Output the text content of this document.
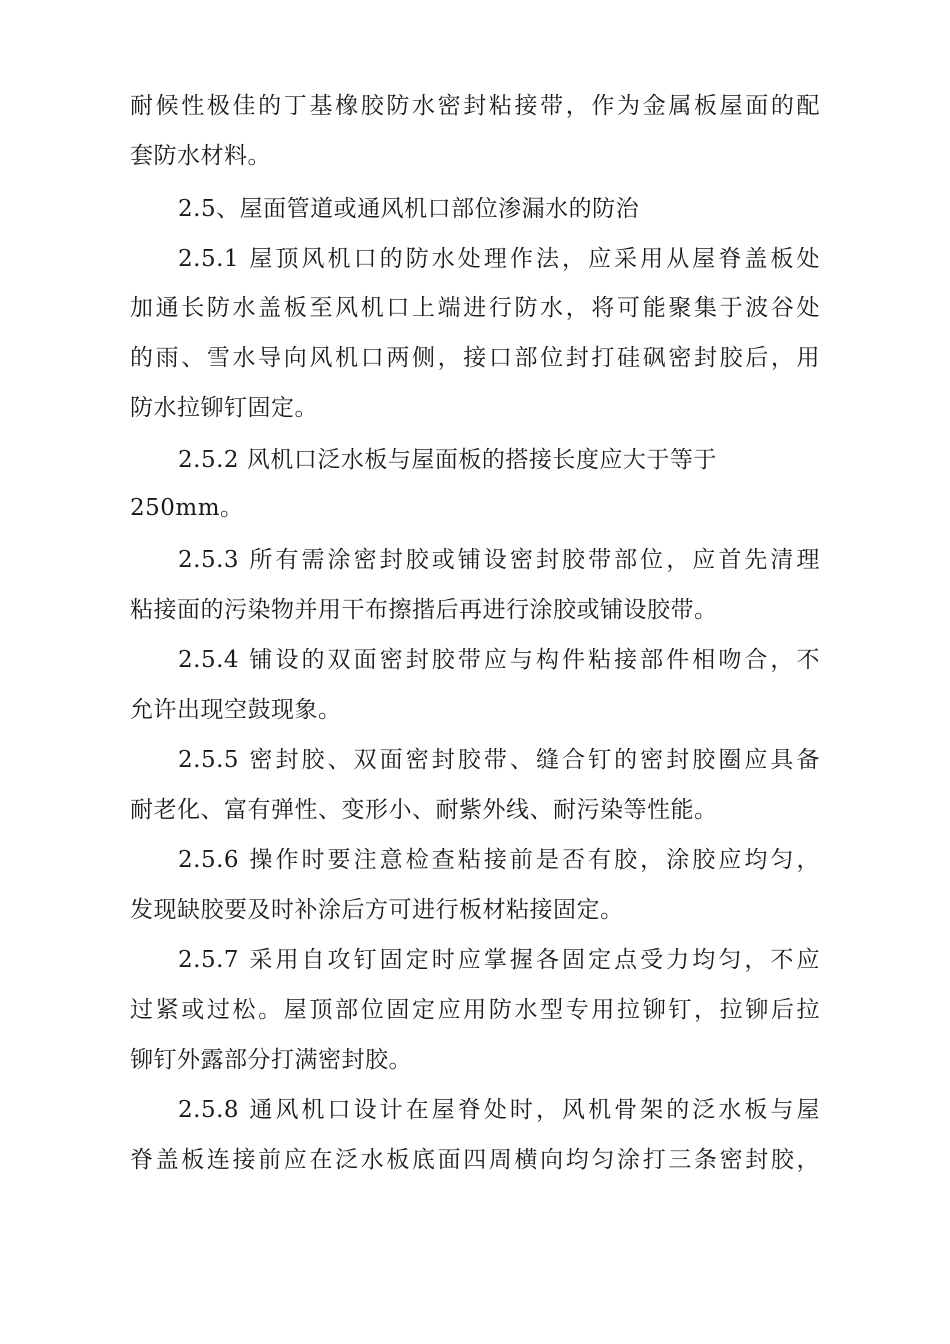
耐候性极佳的丁基橡胶防水密封粘接带，作为金属板屋面的配
套防水材料。
2.5、屋面管道或通风机口部位渗漏水的防治
2.5.1 屋顶风机口的防水处理作法，应采用从屋脊盖板处
加通长防水盖板至风机口上端进行防水，将可能聚集于波谷处
的雨、雪水导向风机口两侧，接口部位封打硅砜密封胶后，用
防水拉铆钉固定。
2.5.2 风机口泛水板与屋面板的搭接长度应大于等于
250mm。
2.5.3 所有需涂密封胶或铺设密封胶带部位，应首先清理
粘接面的污染物并用干布擦揩后再进行涂胶或铺设胶带。
2.5.4 铺设的双面密封胶带应与构件粘接部件相吻合，不
允许出现空鼓现象。
2.5.5 密封胶、双面密封胶带、缝合钉的密封胶圈应具备
耐老化、富有弹性、变形小、耐紫外线、耐污染等性能。
2.5.6 操作时要注意检查粘接前是否有胶，涂胶应均匀，
发现缺胶要及时补涂后方可进行板材粘接固定。
2.5.7 采用自攻钉固定时应掌握各固定点受力均匀，不应
过紧或过松。屋顶部位固定应用防水型专用拉铆钉，拉铆后拉
铆钉外露部分打满密封胶。
2.5.8 通风机口设计在屋脊处时，风机骨架的泛水板与屋
脊盖板连接前应在泛水板底面四周横向均匀涂打三条密封胶，
